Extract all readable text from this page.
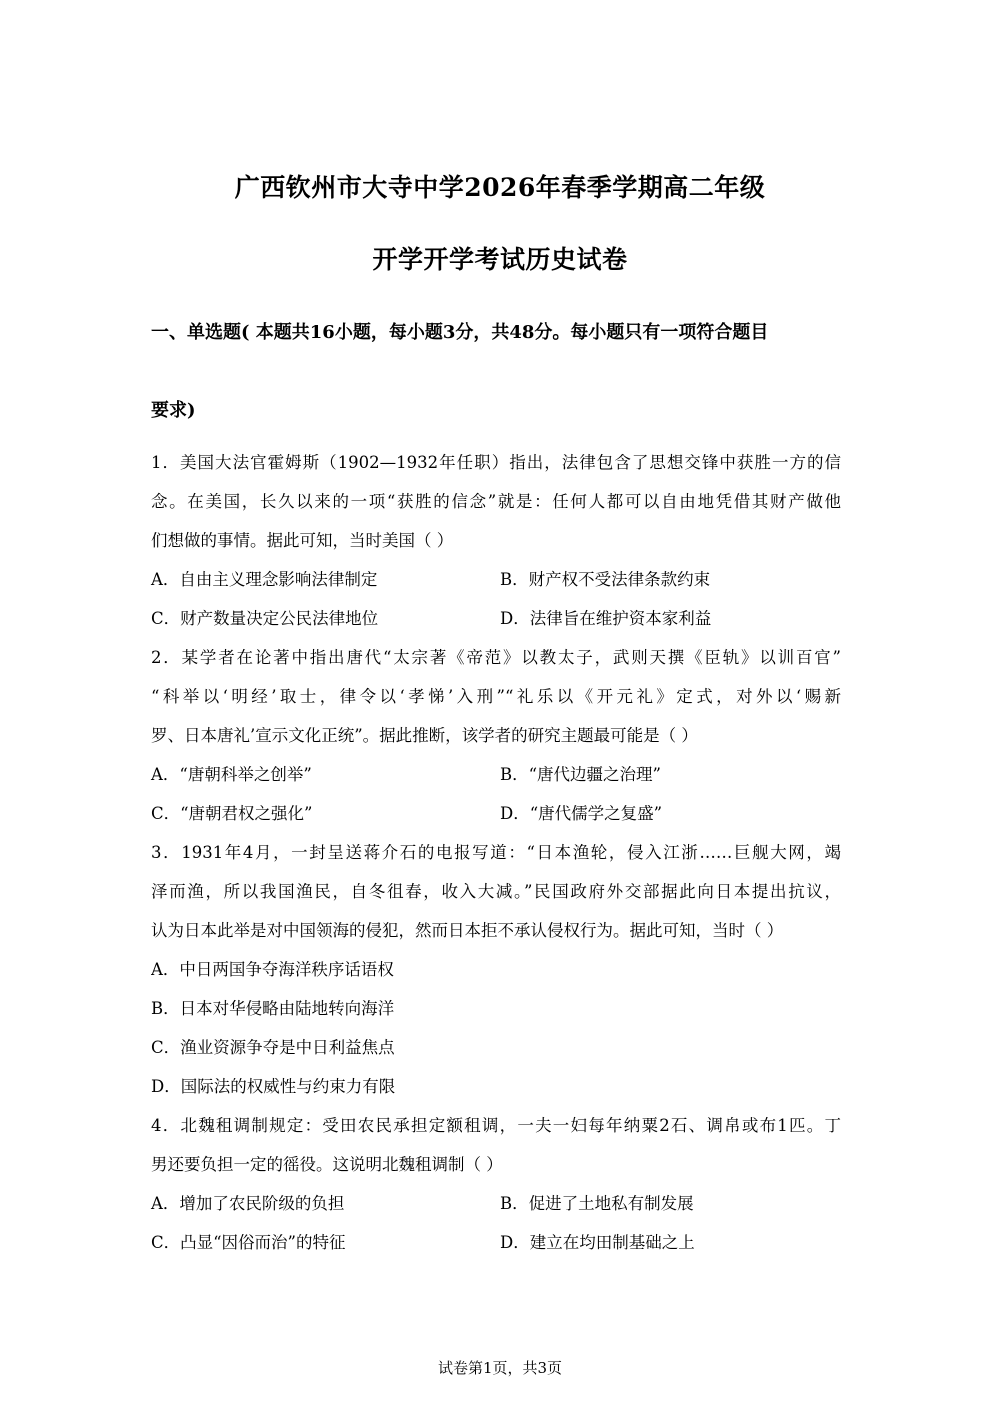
广西钦州市大寺中学2026年春季学期高二年级
开学开学考试历史试卷
一、单选题( 本题共16小题，每小题3分，共48分。每小题只有一项符合题目
要求)
1．美国大法官霍姆斯（1902—1932年任职）指出，法律包含了思想交锋中获胜一方的信
念。在美国，长久以来的一项“获胜的信念”就是：任何人都可以自由地凭借其财产做他
们想做的事情。据此可知，当时美国（ ）
A．自由主义理念影响法律制定	B．财产权不受法律条款约束
C．财产数量决定公民法律地位	D．法律旨在维护资本家利益
2．某学者在论著中指出唐代“太宗著《帝范》以教太子，武则天撰《臣轨》以训百官”
“科举以‘明经’取士，律令以‘孝悌’入刑”“礼乐以《开元礼》定式，对外以‘赐新
罗、日本唐礼’宣示文化正统”。据此推断，该学者的研究主题最可能是（ ）
A．“唐朝科举之创举”	B．“唐代边疆之治理”
C．“唐朝君权之强化”	D．“唐代儒学之复盛”
3．1931年4月，一封呈送蒋介石的电报写道：“日本渔轮，侵入江浙……巨舰大网，竭
泽而渔，所以我国渔民，自冬徂春，收入大减。”民国政府外交部据此向日本提出抗议，
认为日本此举是对中国领海的侵犯，然而日本拒不承认侵权行为。据此可知，当时（ ）
A．中日两国争夺海洋秩序话语权
B．日本对华侵略由陆地转向海洋
C．渔业资源争夺是中日利益焦点
D．国际法的权威性与约束力有限
4．北魏租调制规定：受田农民承担定额租调，一夫一妇每年纳粟2石、调帛或布1匹。丁
男还要负担一定的徭役。这说明北魏租调制（ ）
A．增加了农民阶级的负担	B．促进了土地私有制发展
C．凸显“因俗而治”的特征	D．建立在均田制基础之上
试卷第1页，共3页
